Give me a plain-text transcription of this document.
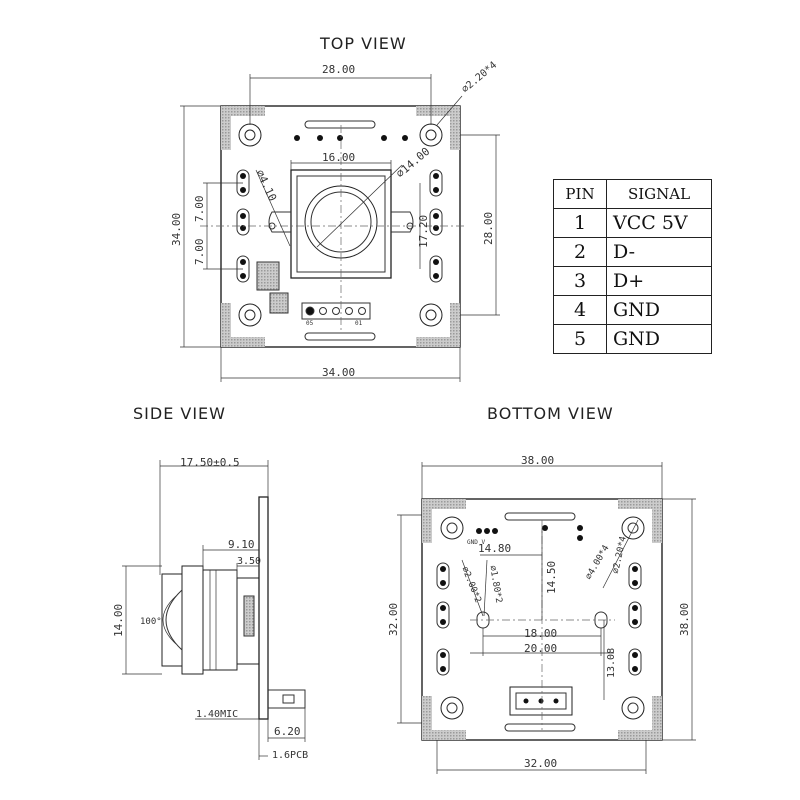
TOP VIEW
SIDE VIEW	BOTTOM VIEW
PIN	SIGNAL
1	VCC 5V
2	D-
3	D+
4	GND
5	GND
28.00	⌀2.20*4
16.00	⌀14.00
⌀4.10
34.00
7.00
7.00
17.20	28.00
34.00
05	01
17.50±0.5
9.10
3.50
14.00 100°
1.40MIC
6.20
1.6PCB
38.00
GND V
14.80
14.50
⌀2.00*2 ⌀1.80*2
⌀4.00*4 ⌀2.20*4
18.00
20.00	13.08
32.00	38.00
32.00
